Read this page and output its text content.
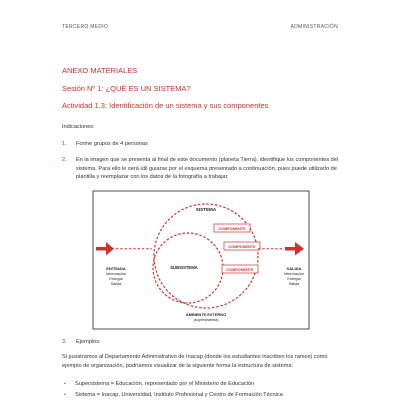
TERCERO MEDIO	ADMINISTRACIÓN
ANEXO MATERIALES
Sesión Nº 1: ¿QUÉ ES UN SISTEMA?
Actividad 1.3: Identificación de un sistema y sus componentes
Indicaciones:
1. Forme grupos de 4 personas
2. En la imagen que se presenta al final de este documento (planeta Tierra), identifique los componentes del sistema. Para ello le será útil guiarse por el esquema presentado a continuación, pues puede utilizarlo de plantilla y reemplazar con los datos de la fotografía a trabajar.
SISTEMA
COMPONENTE
COMPONENTE
COMPONENTE
SUBSISTEMA
ENTRADA
Información
Energía
Salida
SALIDA
Información
Energía
Salida
AMBIENTE EXTERNO
(supersistema)
3. Ejemplos:
Si pusiéramos al Departamento Administrativo de Inacap (donde los estudiantes inscriben los ramos) como ejemplo de organización, podríamos visualizar de la siguiente forma la estructura de sistema:
• Supersistema = Educación, representado por el Ministerio de Educación
• Sistema = Inacap, Universidad, Instituto Profesional y Centro de Formación Técnica
